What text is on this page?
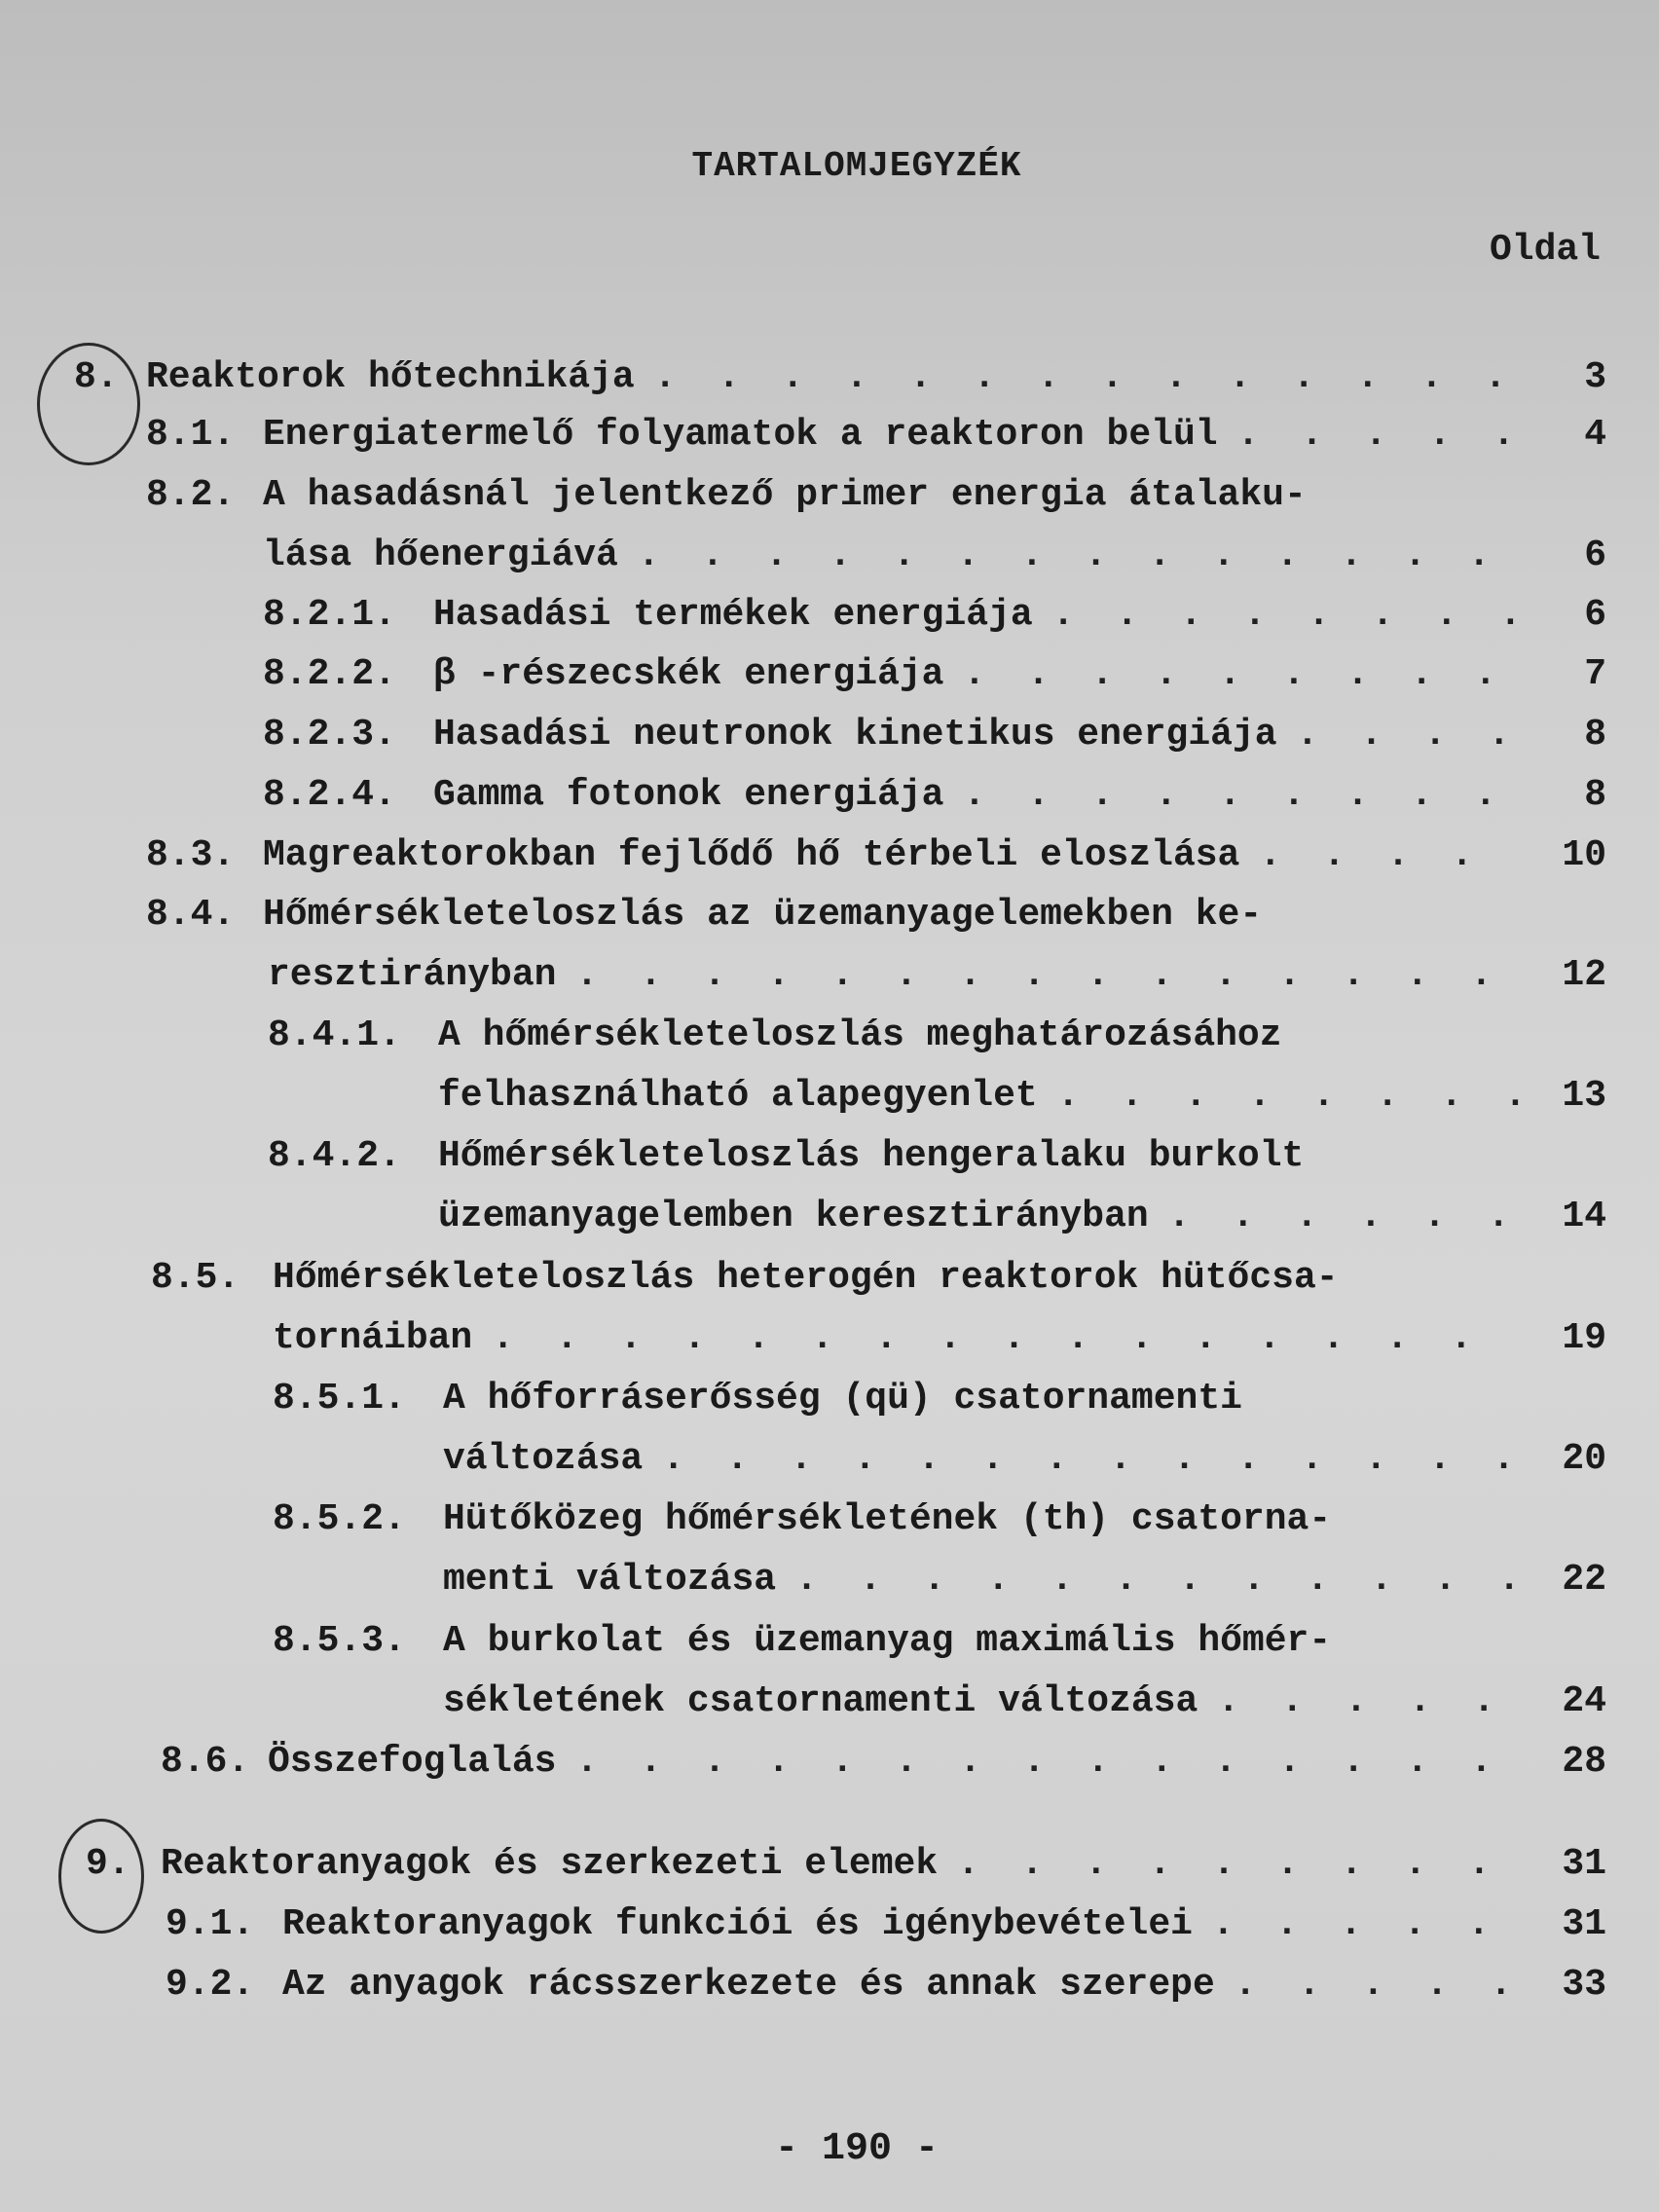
TARTALOMJEGYZÉK
Oldal
8. Reaktorok hőtechnikája . . .	3
8.1. Energiatermelő folyamatok a reaktoron belül . . .	4
8.2. A hasadásnál jelentkező primer energia átalaku-
lása hőenergiává . . .	6
8.2.1.	Hasadási termékek energiája . . .	6
8.2.2.	β -részecskék energiája . . .	7
8.2.3.	Hasadási neutronok kinetikus energiája . . .	8
8.2.4.	Gamma fotonok energiája . . .	8
8.3. Magreaktorokban fejlődő hő térbeli eloszlása . . .	10
8.4. Hőmérsékleteloszlás az üzemanyagelemekben ke-
resztirányban . . .	12
8.4.1.	A hőmérsékleteloszlás meghatározásához
felhasználható alapegyenlet . . .	13
8.4.2.	Hőmérsékleteloszlás hengeralaku burkolt
üzemanyagelemben keresztirányban . . .	14
8.5. Hőmérsékleteloszlás heterogén reaktorok hütőcsa-
tornáiban . . .	19
8.5.1.	A hőforráserősség (qü) csatornamenti
változása . . .	20
8.5.2.	Hütőközeg hőmérsékletének (th) csatorna-
menti változása . . .	22
8.5.3.	A burkolat és üzemanyag maximális hőmér-
sékletének csatornamenti változása . . .	24
8.6. Összefoglalás . . .	28
9. Reaktoranyagok és szerkezeti elemek . . .	31
9.1. Reaktoranyagok funkciói és igénybevételei . . .	31
9.2. Az anyagok rácsszerkezete és annak szerepe . . .	33
- 190 -
